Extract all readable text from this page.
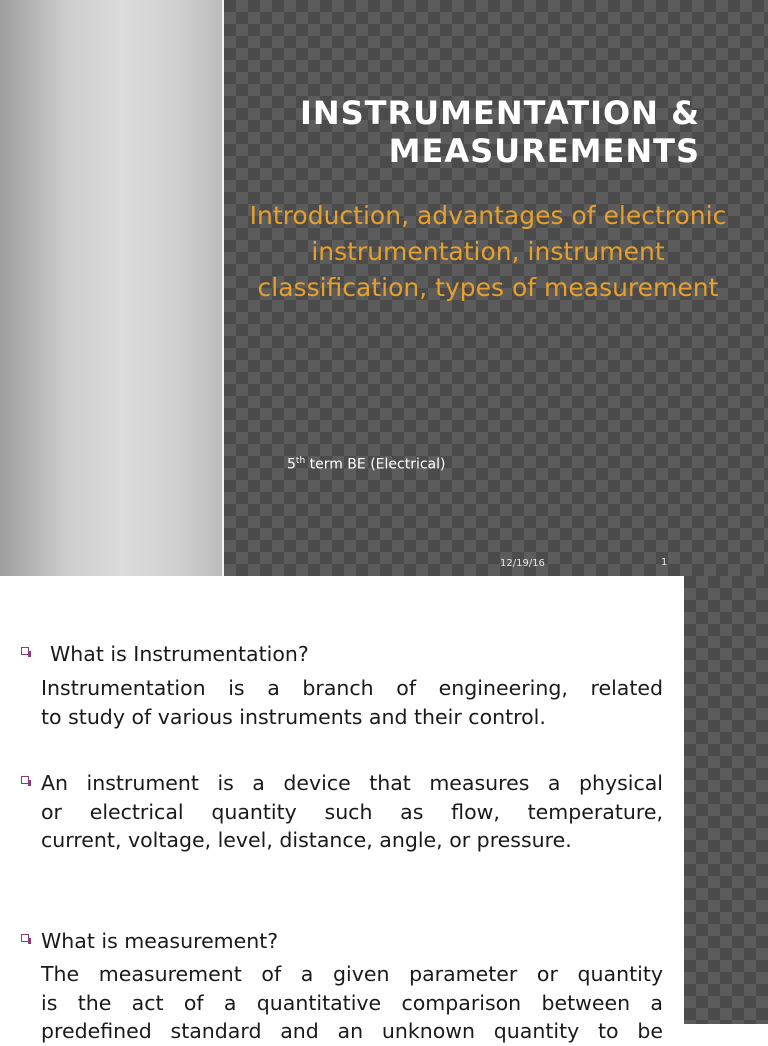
INSTRUMENTATION & MEASUREMENTS

Introduction, advantages of electronic instrumentation, instrument classification, types of measurement

5th term BE (Electrical)
12/19/16	1

What is Instrumentation?

Instrumentation is a branch of engineering, related
to study of various instruments and their control.
An instrument is a device that measures a physical
or electrical quantity such as flow, temperature,
current, voltage, level, distance, angle, or pressure.

What is measurement?

The measurement of a given parameter or quantity
is the act of a quantitative comparison between a
predefined standard and an unknown quantity to be
